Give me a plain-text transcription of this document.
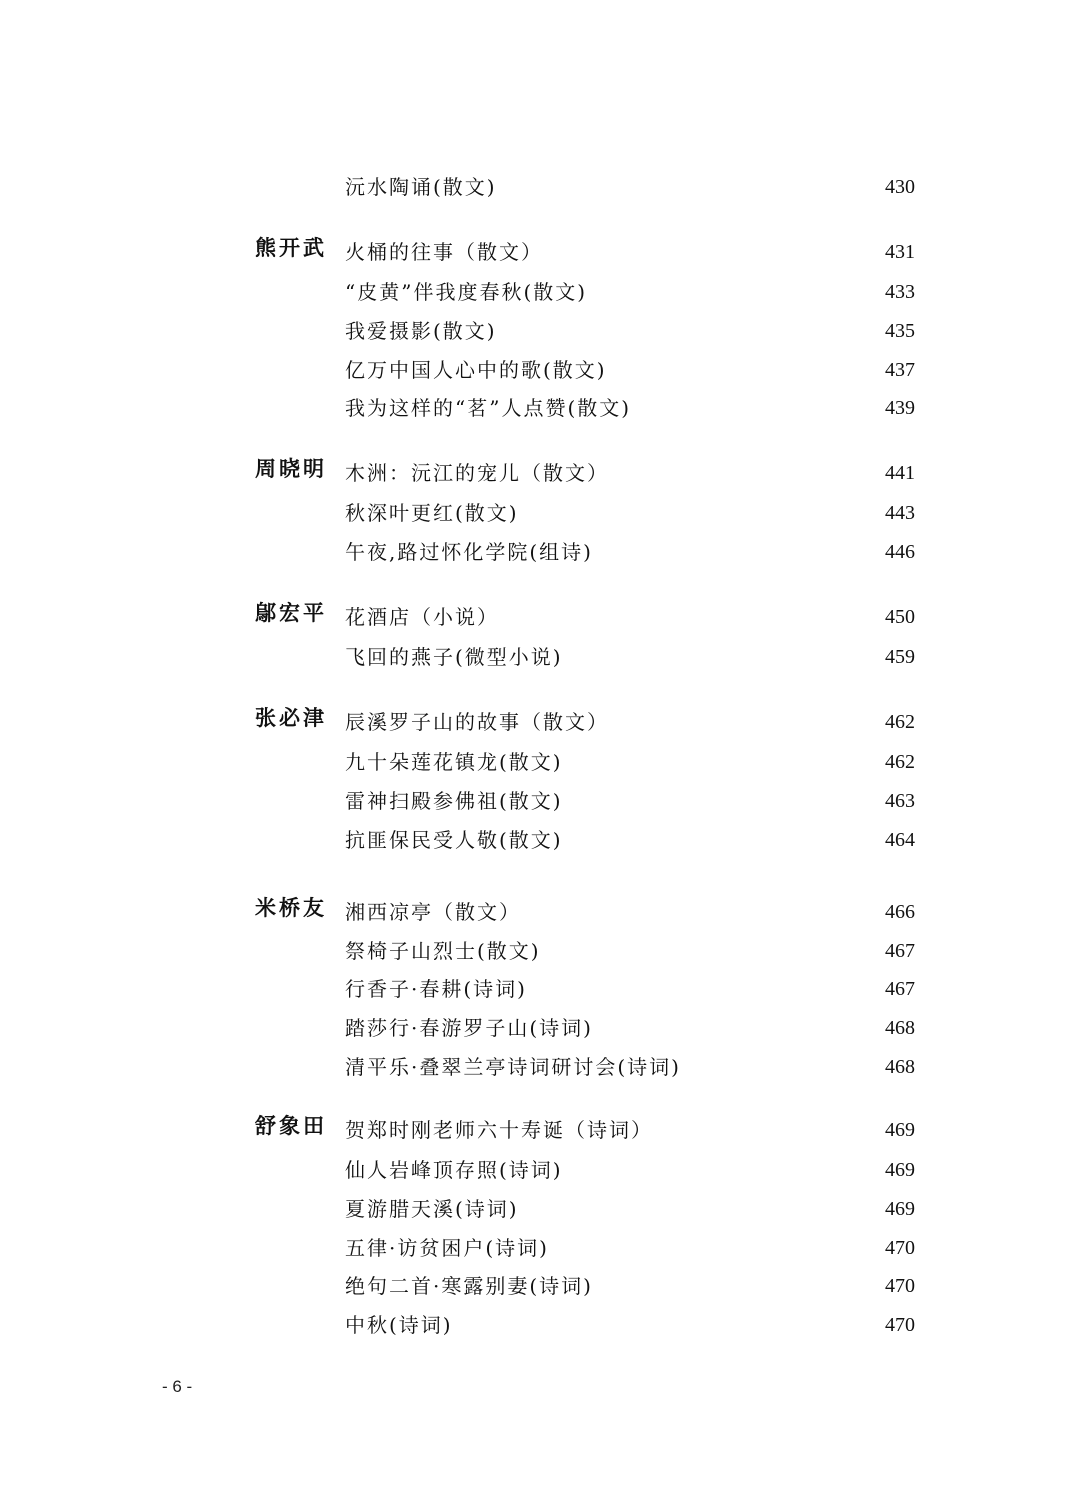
沅水陶诵(散文)	430
熊开武 火桶的往事（散文）	431
“皮黄”伴我度春秋(散文)	433
我爱摄影(散文)	435
亿万中国人心中的歌(散文)	437
我为这样的“茗”人点赞(散文)	439
周晓明 木洲：沅江的宠儿（散文）	441
秋深叶更红(散文)	443
午夜,路过怀化学院(组诗)	446
鄔宏平 花酒店（小说）	450
飞回的燕子(微型小说)	459
张必津 辰溪罗子山的故事（散文）	462
九十朵莲花镇龙(散文)	462
雷神扫殿参佛祖(散文)	463
抗匪保民受人敬(散文)	464
米桥友 湘西凉亭（散文）	466
祭椅子山烈士(散文)	467
行香子·春耕(诗词)	467
踏莎行·春游罗子山(诗词)	468
清平乐·叠翠兰亭诗词研讨会(诗词)	468
舒象田 贺郑时刚老师六十寿诞（诗词）	469
仙人岩峰顶存照(诗词)	469
夏游腊天溪(诗词)	469
五律·访贫困户(诗词)	470
绝句二首·寒露别妻(诗词)	470
中秋(诗词)	470
- 6 -
